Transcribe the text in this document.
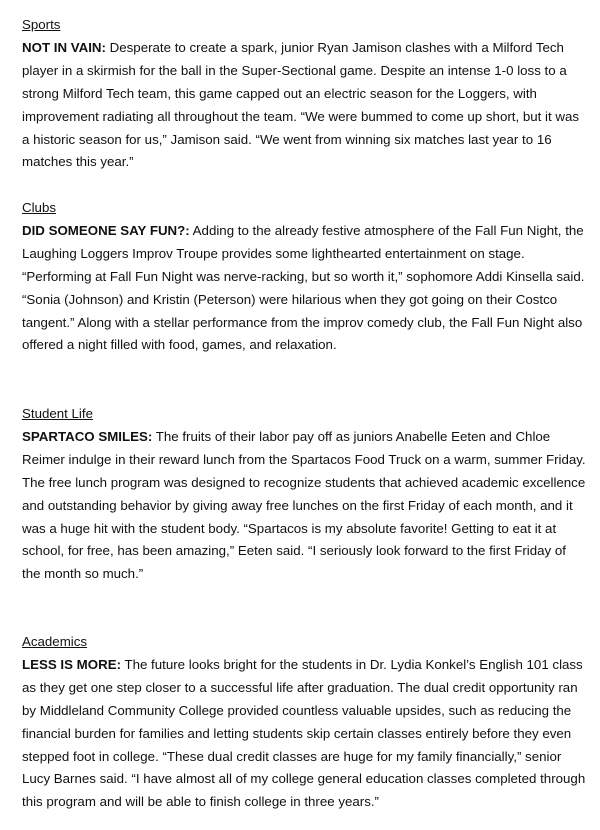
Sports

NOT IN VAIN: Desperate to create a spark, junior Ryan Jamison clashes with a Milford Tech player in a skirmish for the ball in the Super-Sectional game. Despite an intense 1-0 loss to a strong Milford Tech team, this game capped out an electric season for the Loggers, with improvement radiating all throughout the team. “We were bummed to come up short, but it was a historic season for us,” Jamison said. “We went from winning six matches last year to 16 matches this year.”

Clubs

DID SOMEONE SAY FUN?: Adding to the already festive atmosphere of the Fall Fun Night, the Laughing Loggers Improv Troupe provides some lighthearted entertainment on stage. “Performing at Fall Fun Night was nerve-racking, but so worth it,” sophomore Addi Kinsella said. “Sonia (Johnson) and Kristin (Peterson) were hilarious when they got going on their Costco tangent.” Along with a stellar performance from the improv comedy club, the Fall Fun Night also offered a night filled with food, games, and relaxation.

Student Life

SPARTACO SMILES: The fruits of their labor pay off as juniors Anabelle Eeten and Chloe Reimer indulge in their reward lunch from the Spartacos Food Truck on a warm, summer Friday. The free lunch program was designed to recognize students that achieved academic excellence and outstanding behavior by giving away free lunches on the first Friday of each month, and it was a huge hit with the student body. “Spartacos is my absolute favorite! Getting to eat it at school, for free, has been amazing,” Eeten said. “I seriously look forward to the first Friday of the month so much.”

Academics

LESS IS MORE: The future looks bright for the students in Dr. Lydia Konkel’s English 101 class as they get one step closer to a successful life after graduation. The dual credit opportunity ran by Middleland Community College provided countless valuable upsides, such as reducing the financial burden for families and letting students skip certain classes entirely before they even stepped foot in college. “These dual credit classes are huge for my family financially,” senior Lucy Barnes said. “I have almost all of my college general education classes completed through this program and will be able to finish college in three years.”
